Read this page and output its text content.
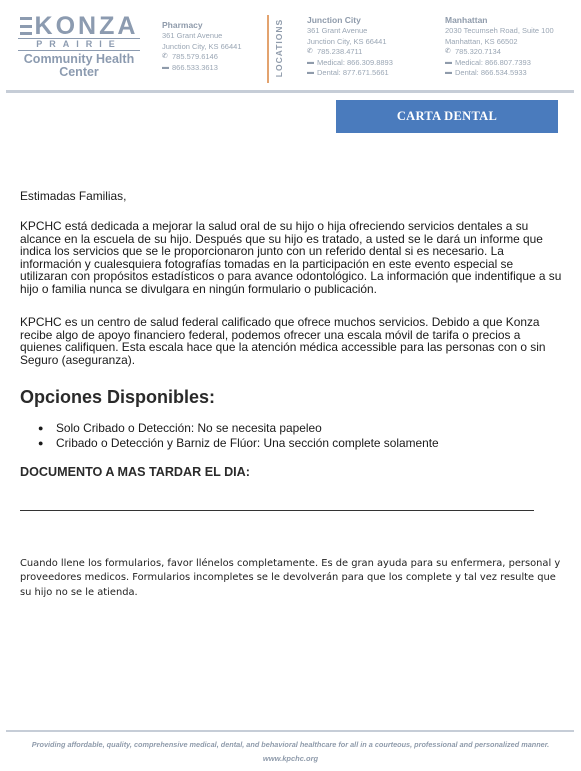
KONZA
PRAIRIE
Community Health
Center
Pharmacy
361 Grant Avenue
Junction City, KS 66441
✆ 785.579.6146
▬ 866.533.3613	LOCATIONS	Junction City
361 Grant Avenue
Junction City, KS 66441
✆ 785.238.4711
▬ Medical: 866.309.8893
▬ Dental: 877.671.5661
Manhattan
2030 Tecumseh Road, Suite 100
Manhattan, KS 66502
✆ 785.320.7134
▬ Medical: 866.807.7393
▬ Dental: 866.534.5933
CARTA DENTAL
Estimadas Familias,
KPCHC está dedicada a mejorar la salud oral de su hijo o hija ofreciendo servicios dentales a su alcance en la escuela de su hijo. Después que su hijo es tratado, a usted se le dará un informe que indica los servicios que se le proporcionaron junto con un referido dental si es necesario. La información y cualesquiera fotografías tomadas en la participación en este evento especial se utilizaran con propósitos estadísticos o para avance odontológico. La información que indentifique a su hijo o familia nunca se divulgara en ningún formulario o publicación.
KPCHC es un centro de salud federal calificado que ofrece muchos servicios. Debido a que Konza recibe algo de apoyo financiero federal, podemos ofrecer una escala móvil de tarifa o precios a quienes califiquen. Esta escala hace que la atención médica accessible para las personas con o sin Seguro (aseguranza).
Opciones Disponibles:
●	Solo Cribado o Detección: No se necesita papeleo
●	Cribado o Detección y Barniz de Flúor: Una sección complete solamente
DOCUMENTO A MAS TARDAR EL DIA:
Cuando llene los formularios, favor llénelos completamente. Es de gran ayuda para su enfermera, personal y proveedores medicos. Formularios incompletes se le devolverán para que los complete y tal vez resulte que su hijo no se le atienda.
Providing affordable, quality, comprehensive medical, dental, and behavioral healthcare for all in a courteous, professional and personalized manner.
www.kpchc.org
